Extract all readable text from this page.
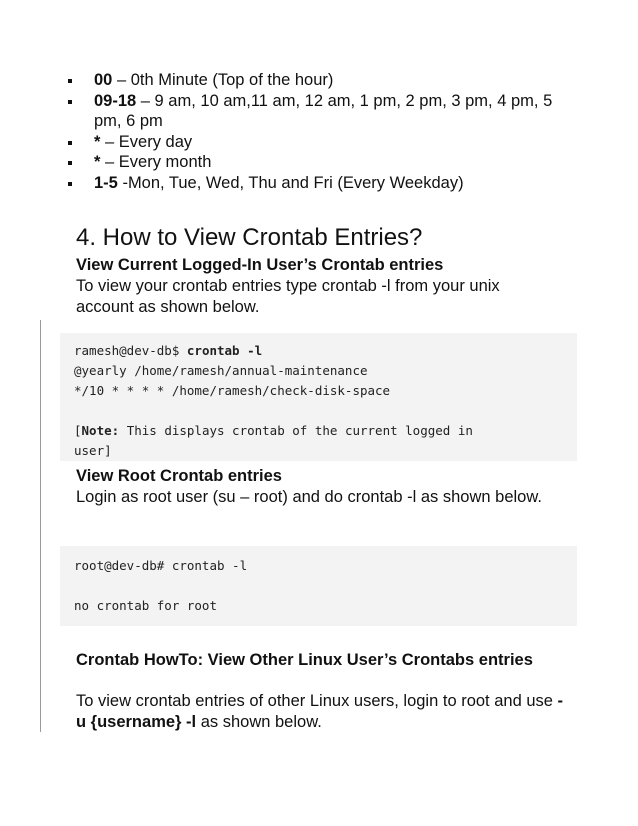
00 – 0th Minute (Top of the hour)
09-18 – 9 am, 10 am,11 am, 12 am, 1 pm, 2 pm, 3 pm, 4 pm, 5 pm, 6 pm
* – Every day
* – Every month
1-5 -Mon, Tue, Wed, Thu and Fri (Every Weekday)
4. How to View Crontab Entries?

View Current Logged-In User’s Crontab entries

To view your crontab entries type crontab -l from your unix account as shown below.

ramesh@dev-db$ crontab -l
@yearly /home/ramesh/annual-maintenance
*/10 * * * * /home/ramesh/check-disk-space
[Note: This displays crontab of the current logged in
user]

View Root Crontab entries

Login as root user (su – root) and do crontab -l as shown below.

root@dev-db# crontab -l
no crontab for root

Crontab HowTo: View Other Linux User’s Crontabs entries

To view crontab entries of other Linux users, login to root and use -u {username} -l as shown below.
